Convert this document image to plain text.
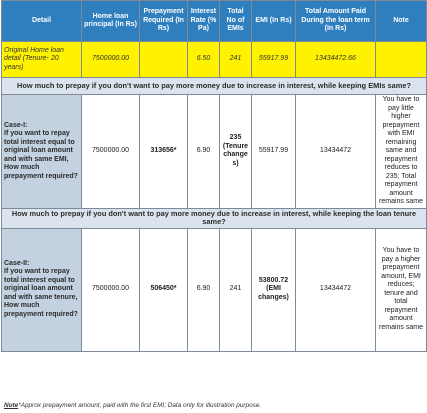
Detail	Home loan principal (In Rs)	Prepayment Required (In Rs)	Interest Rate (% Pa)	Total No of EMIs	EMI (In Rs)	Total Amount Paid During the loan term (In Rs)	Note
Original Home loan detail (Tenure- 20 years)	7500000.00		6.50	241	55917.99	13434472.66	
How much to prepay if you don't want to pay more money due to increase in interest, while keeping EMIs same?							
Case-I:
If you want to repay total interest equal to original loan amount and with same EMI, How much prepayment required?	7500000.00	313656*	6.90	235 (Tenure changes)	55917.99	13434472	You have to pay little higher prepayment with EMI remaining same and repayment reduces to 235; Total repayment amount remains same
How much to prepay if you don't want to pay more money due to increase in interest, while keeping the loan tenure same?							
Case-II:
If you want to repay total interest equal to original loan amount and with same tenure, How much prepayment required?	7500000.00	506450*	6.90	241	53800.72 (EMI changes)	13434472	You have to pay a higher prepayment amount, EMI reduces; tenure and total repayment amount remains same
Note*Approx prepayment amount, paid with the first EMI; Data only for illustration purpose.
